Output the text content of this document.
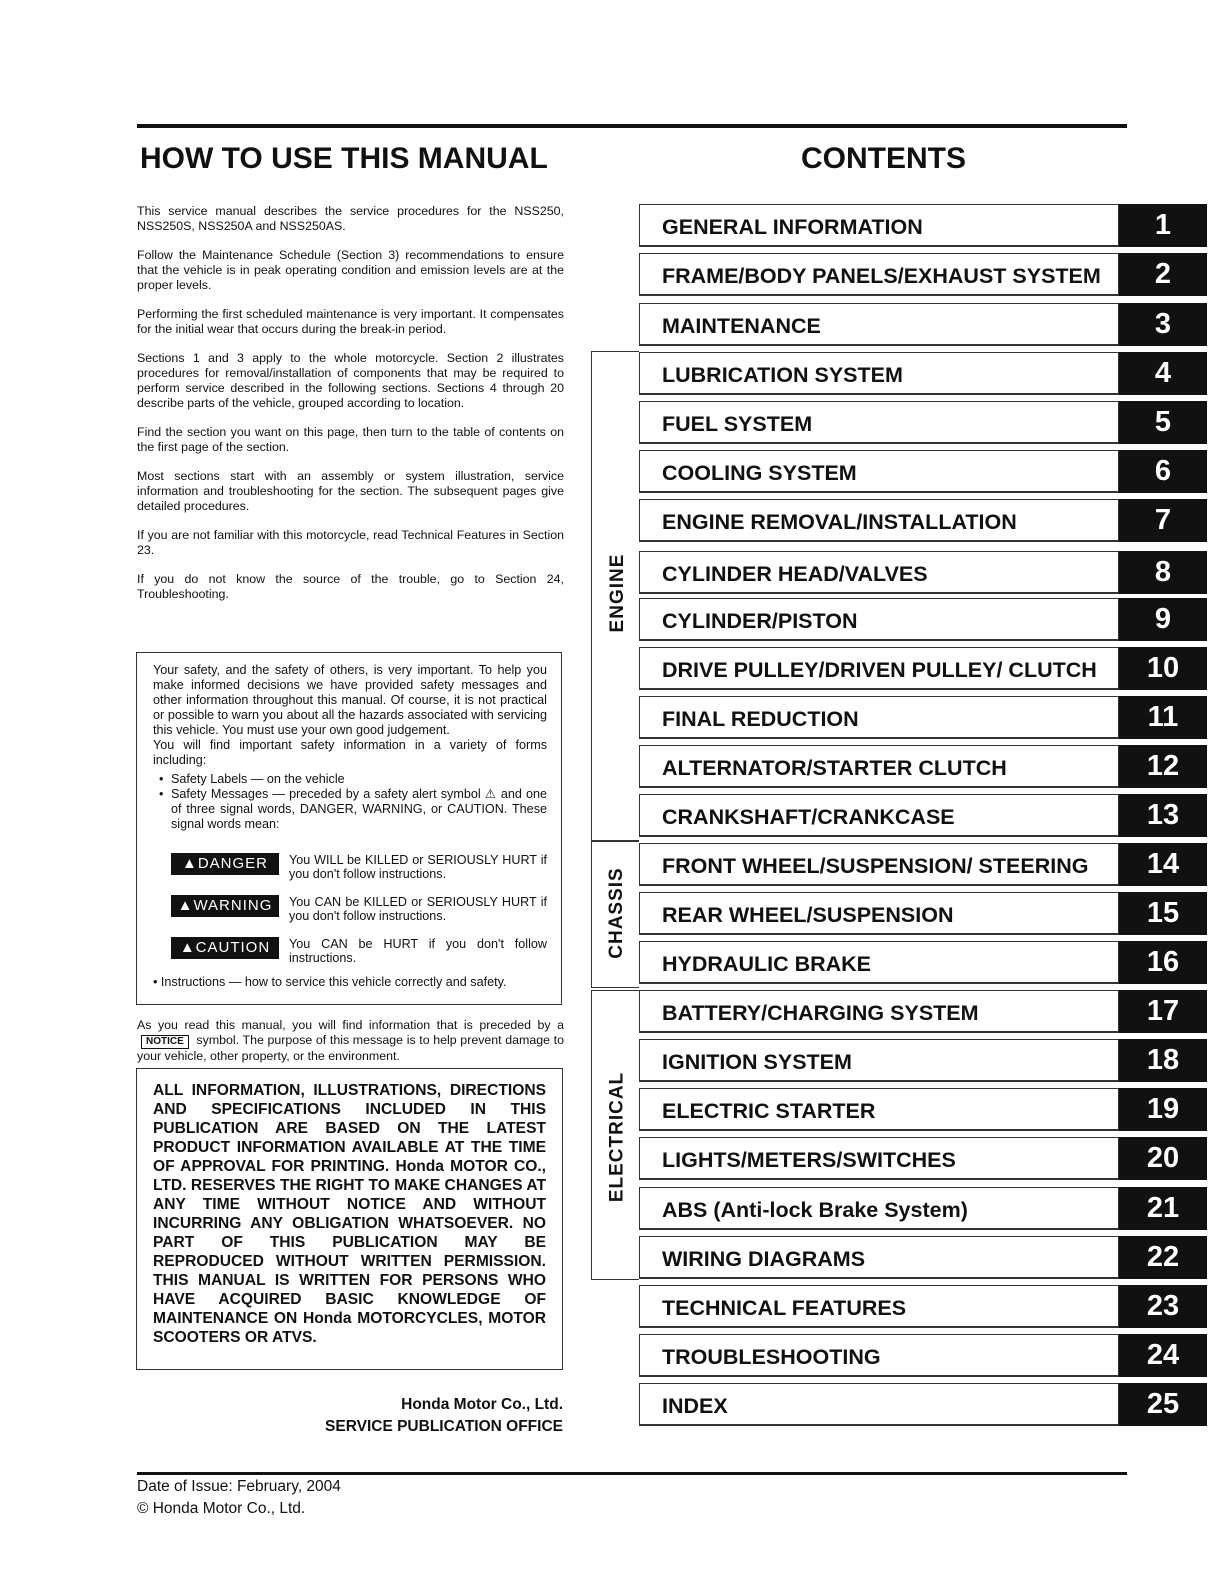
HOW TO USE THIS MANUAL	CONTENTS

This service manual describes the service procedures for the NSS250, NSS250S, NSS250A and NSS250AS.

Follow the Maintenance Schedule (Section 3) recommendations to ensure that the vehicle is in peak operating condition and emission levels are at the proper levels.

Performing the first scheduled maintenance is very important. It compensates for the initial wear that occurs during the break-in period.

Sections 1 and 3 apply to the whole motorcycle. Section 2 illustrates procedures for removal/installation of components that may be required to perform service described in the following sections. Sections 4 through 20 describe parts of the vehicle, grouped according to location.

Find the section you want on this page, then turn to the table of contents on the first page of the section.

Most sections start with an assembly or system illustration, service information and troubleshooting for the section. The subsequent pages give detailed procedures.

If you are not familiar with this motorcycle, read Technical Features in Section 23.

If you do not know the source of the trouble, go to Section 24, Troubleshooting.

Your safety, and the safety of others, is very important. To help you make informed decisions we have provided safety messages and other information throughout this manual. Of course, it is not practical or possible to warn you about all the hazards associated with servicing this vehicle. You must use your own good judgement.

You will find important safety information in a variety of forms including:

• Safety Labels — on the vehicle
• Safety Messages — preceded by a safety alert symbol ⚠ and one of three signal words, DANGER, WARNING, or CAUTION. These signal words mean:
▲DANGER	You WILL be KILLED or SERIOUSLY HURT if you don't follow instructions.
▲WARNING	You CAN be KILLED or SERIOUSLY HURT if you don't follow instructions.
▲CAUTION	You CAN be HURT if you don't follow instructions.
• Instructions — how to service this vehicle correctly and safety.
As you read this manual, you will find information that is preceded by a NOTICE symbol. The purpose of this message is to help prevent damage to your vehicle, other property, or the environment.
ALL INFORMATION, ILLUSTRATIONS, DIRECTIONS AND SPECIFICATIONS INCLUDED IN THIS PUBLICATION ARE BASED ON THE LATEST PRODUCT INFORMATION AVAILABLE AT THE TIME OF APPROVAL FOR PRINTING. Honda MOTOR CO., LTD. RESERVES THE RIGHT TO MAKE CHANGES AT ANY TIME WITHOUT NOTICE AND WITHOUT INCURRING ANY OBLIGATION WHATSOEVER. NO PART OF THIS PUBLICATION MAY BE REPRODUCED WITHOUT WRITTEN PERMISSION. THIS MANUAL IS WRITTEN FOR PERSONS WHO HAVE ACQUIRED BASIC KNOWLEDGE OF MAINTENANCE ON Honda MOTORCYCLES, MOTOR SCOOTERS OR ATVS.
Honda Motor Co., Ltd.
SERVICE PUBLICATION OFFICE
ENGINE
CHASSIS
ELECTRICAL
GENERAL INFORMATION	1
FRAME/BODY PANELS/EXHAUST SYSTEM	2
MAINTENANCE	3
LUBRICATION SYSTEM	4
FUEL SYSTEM	5
COOLING SYSTEM	6
ENGINE REMOVAL/INSTALLATION	7
CYLINDER HEAD/VALVES	8
CYLINDER/PISTON	9
DRIVE PULLEY/DRIVEN PULLEY/ CLUTCH	10
FINAL REDUCTION	11
ALTERNATOR/STARTER CLUTCH	12
CRANKSHAFT/CRANKCASE	13
FRONT WHEEL/SUSPENSION/ STEERING	14
REAR WHEEL/SUSPENSION	15
HYDRAULIC BRAKE	16
BATTERY/CHARGING SYSTEM	17
IGNITION SYSTEM	18
ELECTRIC STARTER	19
LIGHTS/METERS/SWITCHES	20
ABS (Anti-lock Brake System)	21
WIRING DIAGRAMS	22
TECHNICAL FEATURES	23
TROUBLESHOOTING	24
INDEX	25
Date of Issue: February, 2004
© Honda Motor Co., Ltd.
